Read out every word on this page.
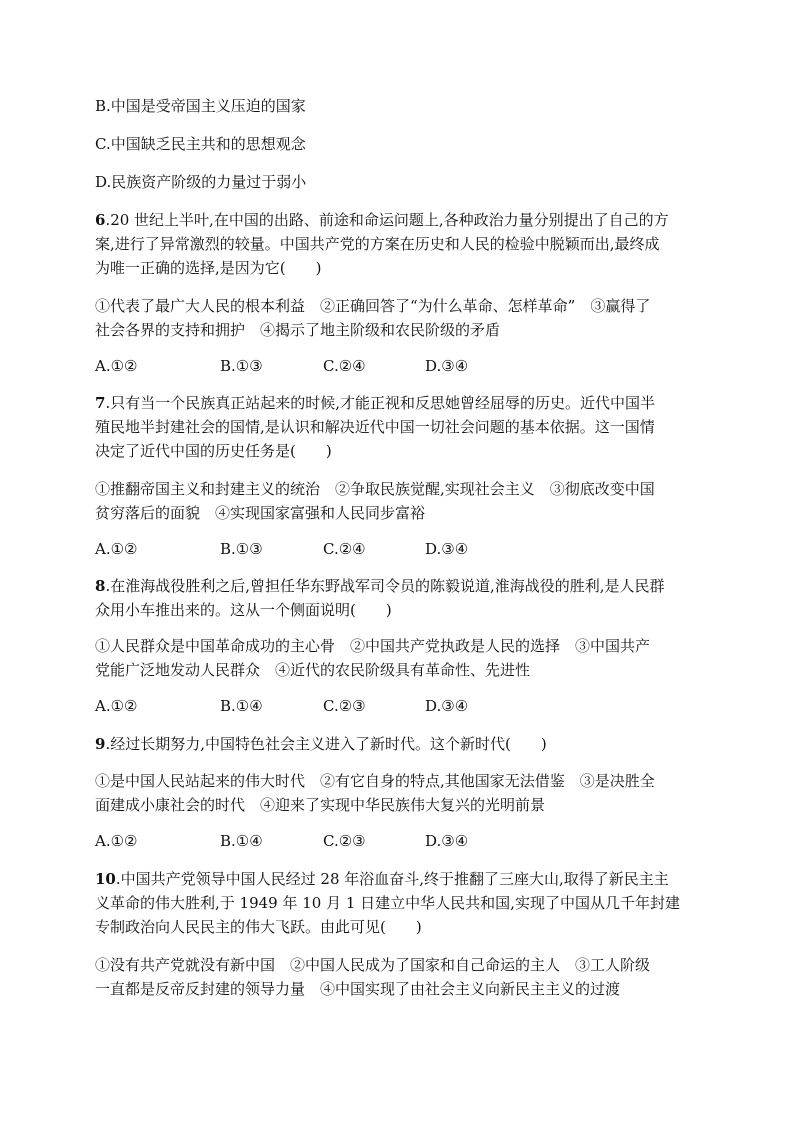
B.中国是受帝国主义压迫的国家
C.中国缺乏民主共和的思想观念
D.民族资产阶级的力量过于弱小
6.20 世纪上半叶,在中国的出路、前途和命运问题上,各种政治力量分别提出了自己的方
案,进行了异常激烈的较量。中国共产党的方案在历史和人民的检验中脱颖而出,最终成
为唯一正确的选择,是因为它(　　)
①代表了最广大人民的根本利益　②正确回答了“为什么革命、怎样革命”　③赢得了
社会各界的支持和拥护　④揭示了地主阶级和农民阶级的矛盾
A.①②	B.①③	C.②④	D.③④
7.只有当一个民族真正站起来的时候,才能正视和反思她曾经屈辱的历史。近代中国半
殖民地半封建社会的国情,是认识和解决近代中国一切社会问题的基本依据。这一国情
决定了近代中国的历史任务是(　　)
①推翻帝国主义和封建主义的统治　②争取民族觉醒,实现社会主义　③彻底改变中国
贫穷落后的面貌　④实现国家富强和人民同步富裕
A.①②	B.①③	C.②④	D.③④
8.在淮海战役胜利之后,曾担任华东野战军司令员的陈毅说道,淮海战役的胜利,是人民群
众用小车推出来的。这从一个侧面说明(　　)
①人民群众是中国革命成功的主心骨　②中国共产党执政是人民的选择　③中国共产
党能广泛地发动人民群众　④近代的农民阶级具有革命性、先进性
A.①②	B.①④	C.②③	D.③④
9.经过长期努力,中国特色社会主义进入了新时代。这个新时代(　　)
①是中国人民站起来的伟大时代　②有它自身的特点,其他国家无法借鉴　③是决胜全
面建成小康社会的时代　④迎来了实现中华民族伟大复兴的光明前景
A.①②	B.①④	C.②③	D.③④
10.中国共产党领导中国人民经过 28 年浴血奋斗,终于推翻了三座大山,取得了新民主主
义革命的伟大胜利,于 1949 年 10 月 1 日建立中华人民共和国,实现了中国从几千年封建
专制政治向人民民主的伟大飞跃。由此可见(　　)
①没有共产党就没有新中国　②中国人民成为了国家和自己命运的主人　③工人阶级
一直都是反帝反封建的领导力量　④中国实现了由社会主义向新民主主义的过渡
